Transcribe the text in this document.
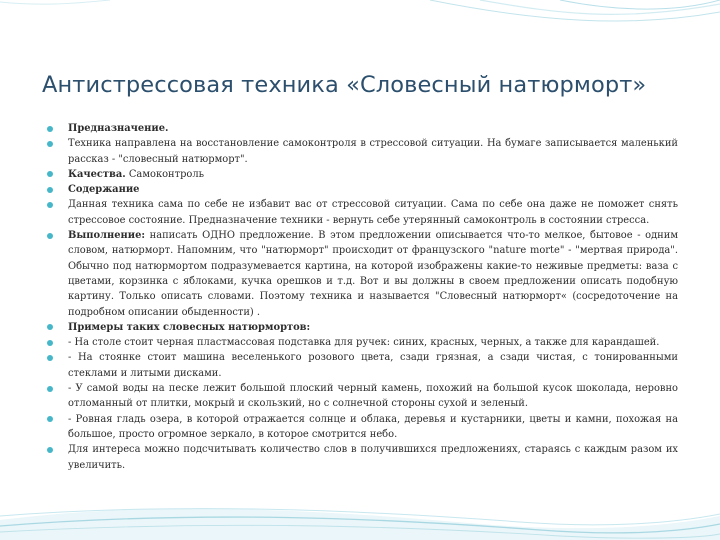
Антистрессовая техника «Словесный натюрморт»
Предназначение.
Техника направлена на восстановление самоконтроля в стрессовой ситуации. На бумаге записывается маленький рассказ - "словесный натюрморт".
Качества. Самоконтроль
Содержание
Данная техника сама по себе не избавит вас от стрессовой ситуации. Сама по себе она даже не поможет снять стрессовое состояние. Предназначение техники - вернуть себе утерянный самоконтроль в состоянии стресса.
Выполнение: написать ОДНО предложение. В этом предложении описывается что-то мелкое, бытовое - одним словом, натюрморт. Напомним, что "натюрморт" происходит от французского "nature morte" - "мертвая природа". Обычно под натюрмортом подразумевается картина, на которой изображены какие-то неживые предметы: ваза с цветами, корзинка с яблоками, кучка орешков и т.д. Вот и вы должны в своем предложении описать подобную картину. Только описать словами. Поэтому техника и называется "Словесный натюрморт« (сосредоточение на подробном описании обыденности) .
Примеры таких словесных натюрмортов:
- На столе стоит черная пластмассовая подставка для ручек: синих, красных, черных, а также для карандашей.
- На стоянке стоит машина веселенького розового цвета, сзади грязная, а сзади чистая, с тонированными стеклами и литыми дисками.
- У самой воды на песке лежит большой плоский черный камень, похожий на большой кусок шоколада, неровно отломанный от плитки, мокрый и скользкий, но с солнечной стороны сухой и зеленый.
- Ровная гладь озера, в которой отражается солнце и облака, деревья и кустарники, цветы и камни, похожая на большое, просто огромное зеркало, в которое смотрится небо.
Для интереса можно подсчитывать количество слов в получившихся предложениях, стараясь с каждым разом их увеличить.
